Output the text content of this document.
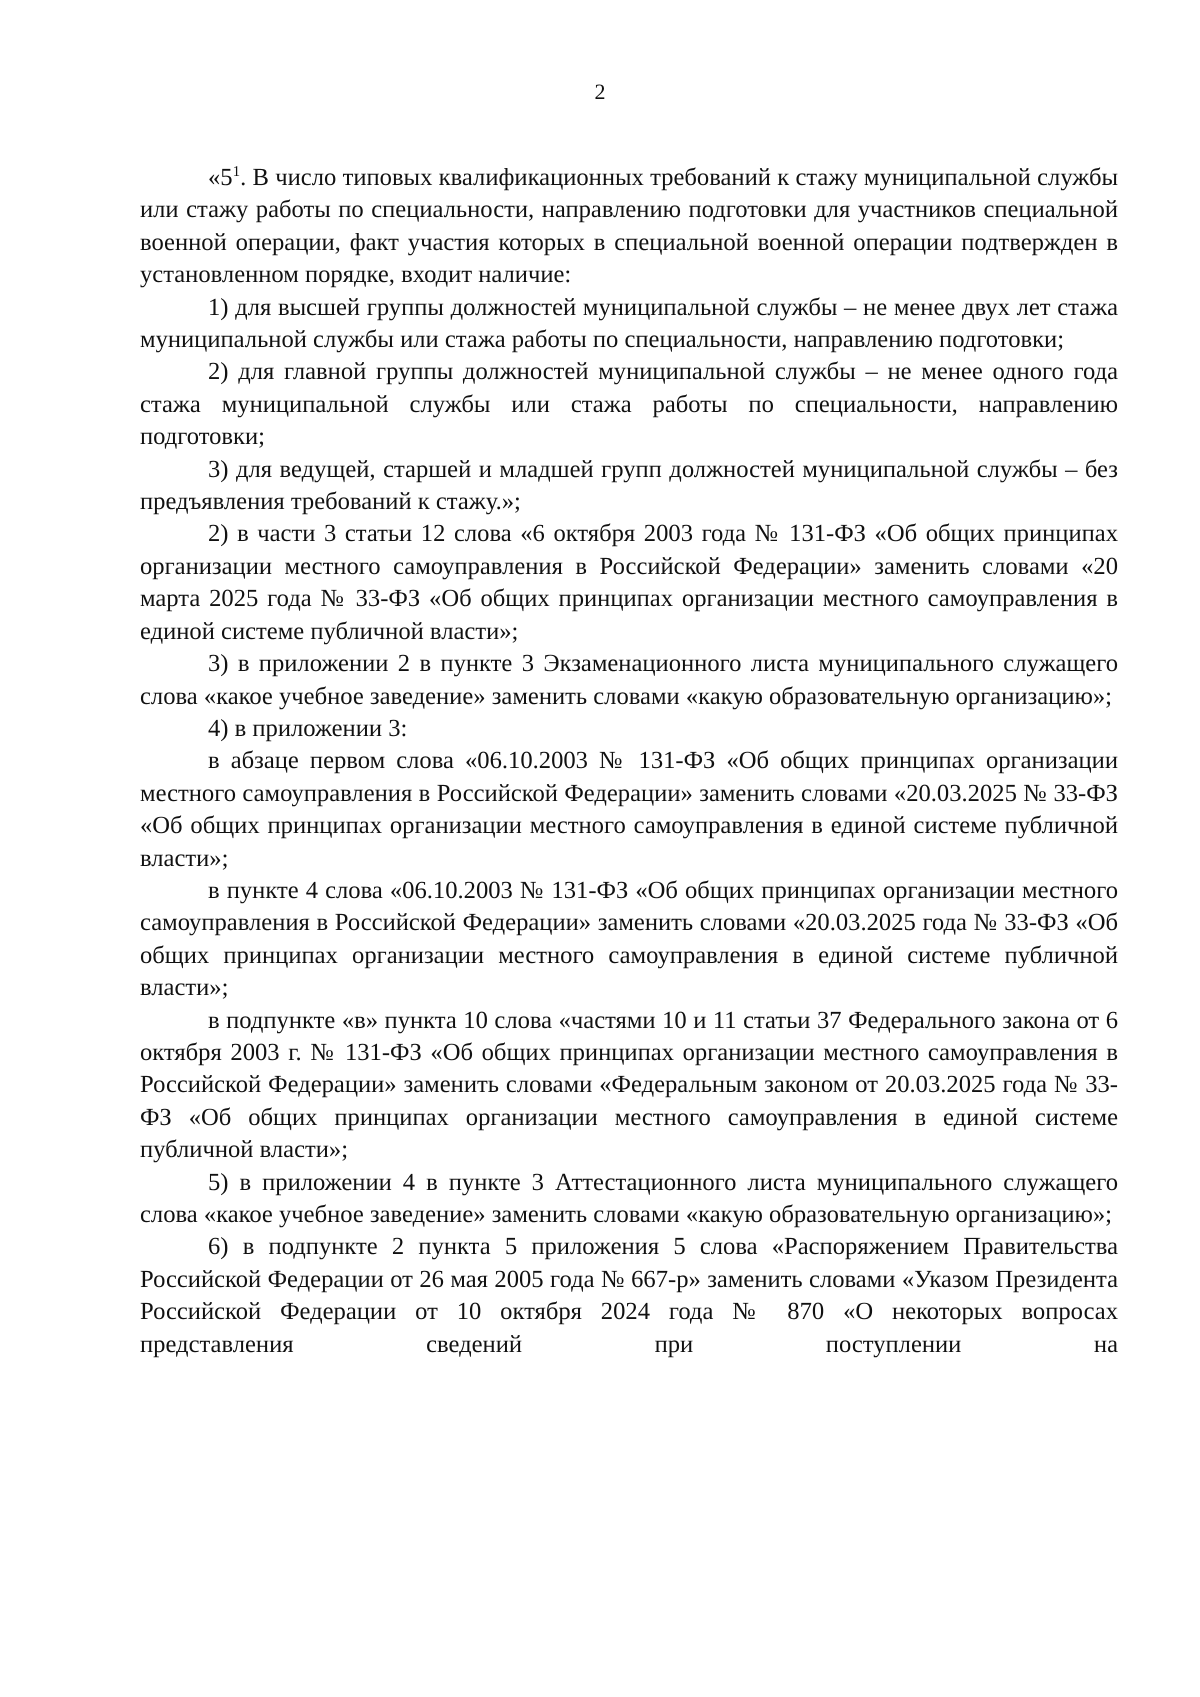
2

«$5^1$. В число типовых квалификационных требований к стажу муниципальной службы или стажу работы по специальности, направлению подготовки для участников специальной военной операции, факт участия которых в специальной военной операции подтвержден в установленном порядке, входит наличие:

1) для высшей группы должностей муниципальной службы – не менее двух лет стажа муниципальной службы или стажа работы по специальности, направлению подготовки;

2) для главной группы должностей муниципальной службы – не менее одного года стажа муниципальной службы или стажа работы по специальности, направлению подготовки;

3) для ведущей, старшей и младшей групп должностей муниципальной службы – без предъявления требований к стажу.»;

2) в части 3 статьи 12 слова «6 октября 2003 года № 131-ФЗ «Об общих принципах организации местного самоуправления в Российской Федерации» заменить словами «20 марта 2025 года № 33-ФЗ «Об общих принципах организации местного самоуправления в единой системе публичной власти»;

3) в приложении 2 в пункте 3 Экзаменационного листа муниципального служащего слова «какое учебное заведение» заменить словами «какую образовательную организацию»;

4) в приложении 3:

в абзаце первом слова «06.10.2003 № 131-ФЗ «Об общих принципах организации местного самоуправления в Российской Федерации» заменить словами «20.03.2025 № 33-ФЗ «Об общих принципах организации местного самоуправления в единой системе публичной власти»;

в пункте 4 слова «06.10.2003 № 131-ФЗ «Об общих принципах организации местного самоуправления в Российской Федерации» заменить словами «20.03.2025 года № 33-ФЗ «Об общих принципах организации местного самоуправления в единой системе публичной власти»;

в подпункте «в» пункта 10 слова «частями 10 и 11 статьи 37 Федерального закона от 6 октября 2003 г. № 131-ФЗ «Об общих принципах организации местного самоуправления в Российской Федерации» заменить словами «Федеральным законом от 20.03.2025 года № 33-ФЗ «Об общих принципах организации местного самоуправления в единой системе публичной власти»;

5) в приложении 4 в пункте 3 Аттестационного листа муниципального служащего слова «какое учебное заведение» заменить словами «какую образовательную организацию»;

6) в подпункте 2 пункта 5 приложения 5 слова «Распоряжением Правительства Российской Федерации от 26 мая 2005 года № 667-р» заменить словами «Указом Президента Российской Федерации от 10 октября 2024 года № 870 «О некоторых вопросах представления сведений при поступлении на
